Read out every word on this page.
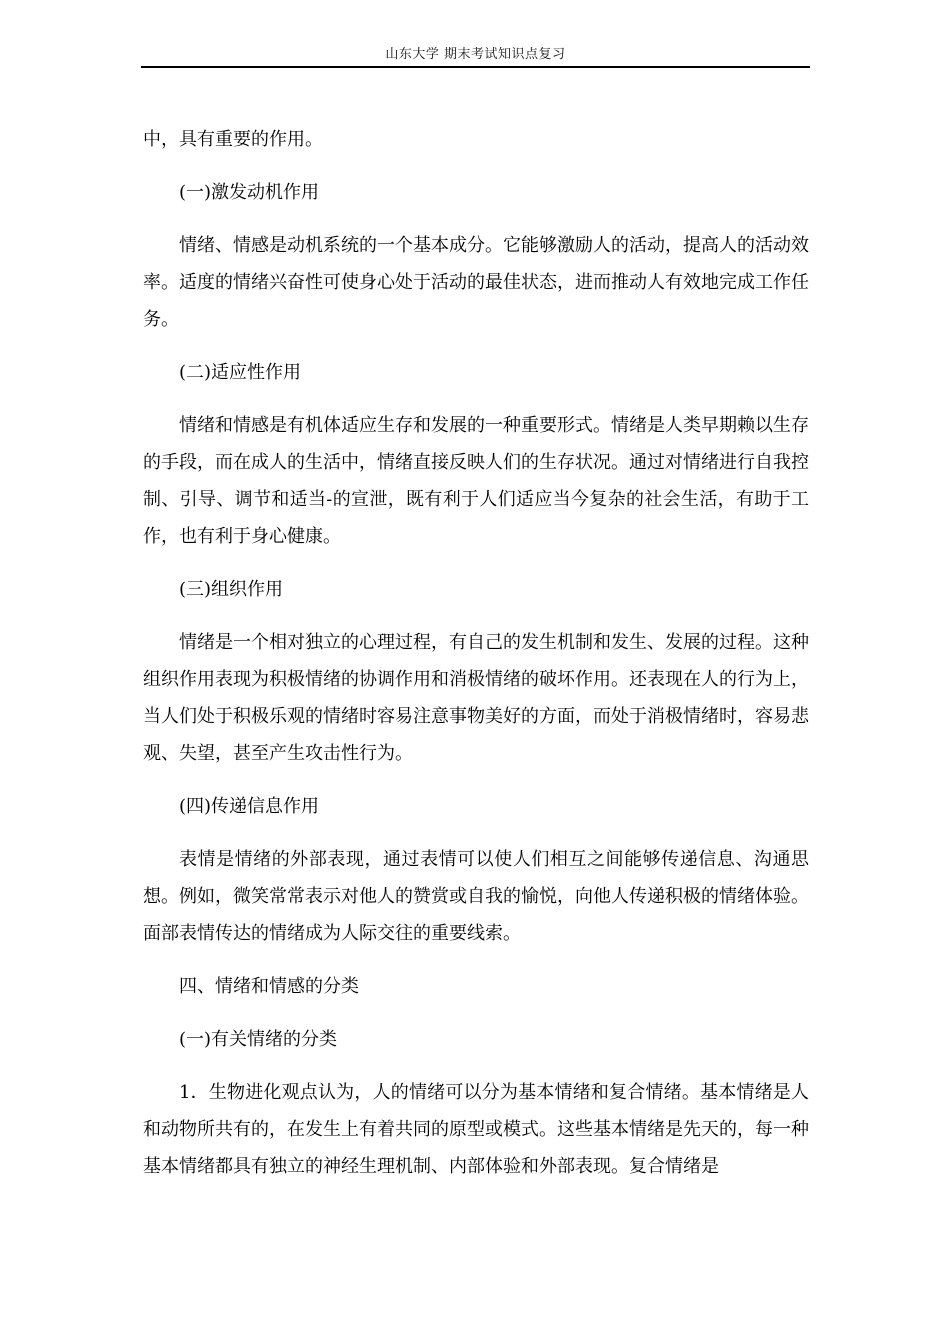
山东大学 期末考试知识点复习

中，具有重要的作用。

(一)激发动机作用

情绪、情感是动机系统的一个基本成分。它能够激励人的活动，提高人的活动效率。适度的情绪兴奋性可使身心处于活动的最佳状态，进而推动人有效地完成工作任务。

(二)适应性作用

情绪和情感是有机体适应生存和发展的一种重要形式。情绪是人类早期赖以生存的手段，而在成人的生活中，情绪直接反映人们的生存状况。通过对情绪进行自我控制、引导、调节和适当-的宣泄，既有利于人们适应当今复杂的社会生活，有助于工作，也有利于身心健康。

(三)组织作用

情绪是一个相对独立的心理过程，有自己的发生机制和发生、发展的过程。这种组织作用表现为积极情绪的协调作用和消极情绪的破坏作用。还表现在人的行为上，当人们处于积极乐观的情绪时容易注意事物美好的方面，而处于消极情绪时，容易悲观、失望，甚至产生攻击性行为。

(四)传递信息作用

表情是情绪的外部表现，通过表情可以使人们相互之间能够传递信息、沟通思想。例如，微笑常常表示对他人的赞赏或自我的愉悦，向他人传递积极的情绪体验。面部表情传达的情绪成为人际交往的重要线索。

四、情绪和情感的分类

(一)有关情绪的分类

1．生物进化观点认为，人的情绪可以分为基本情绪和复合情绪。基本情绪是人和动物所共有的，在发生上有着共同的原型或模式。这些基本情绪是先天的，每一种基本情绪都具有独立的神经生理机制、内部体验和外部表现。复合情绪是
